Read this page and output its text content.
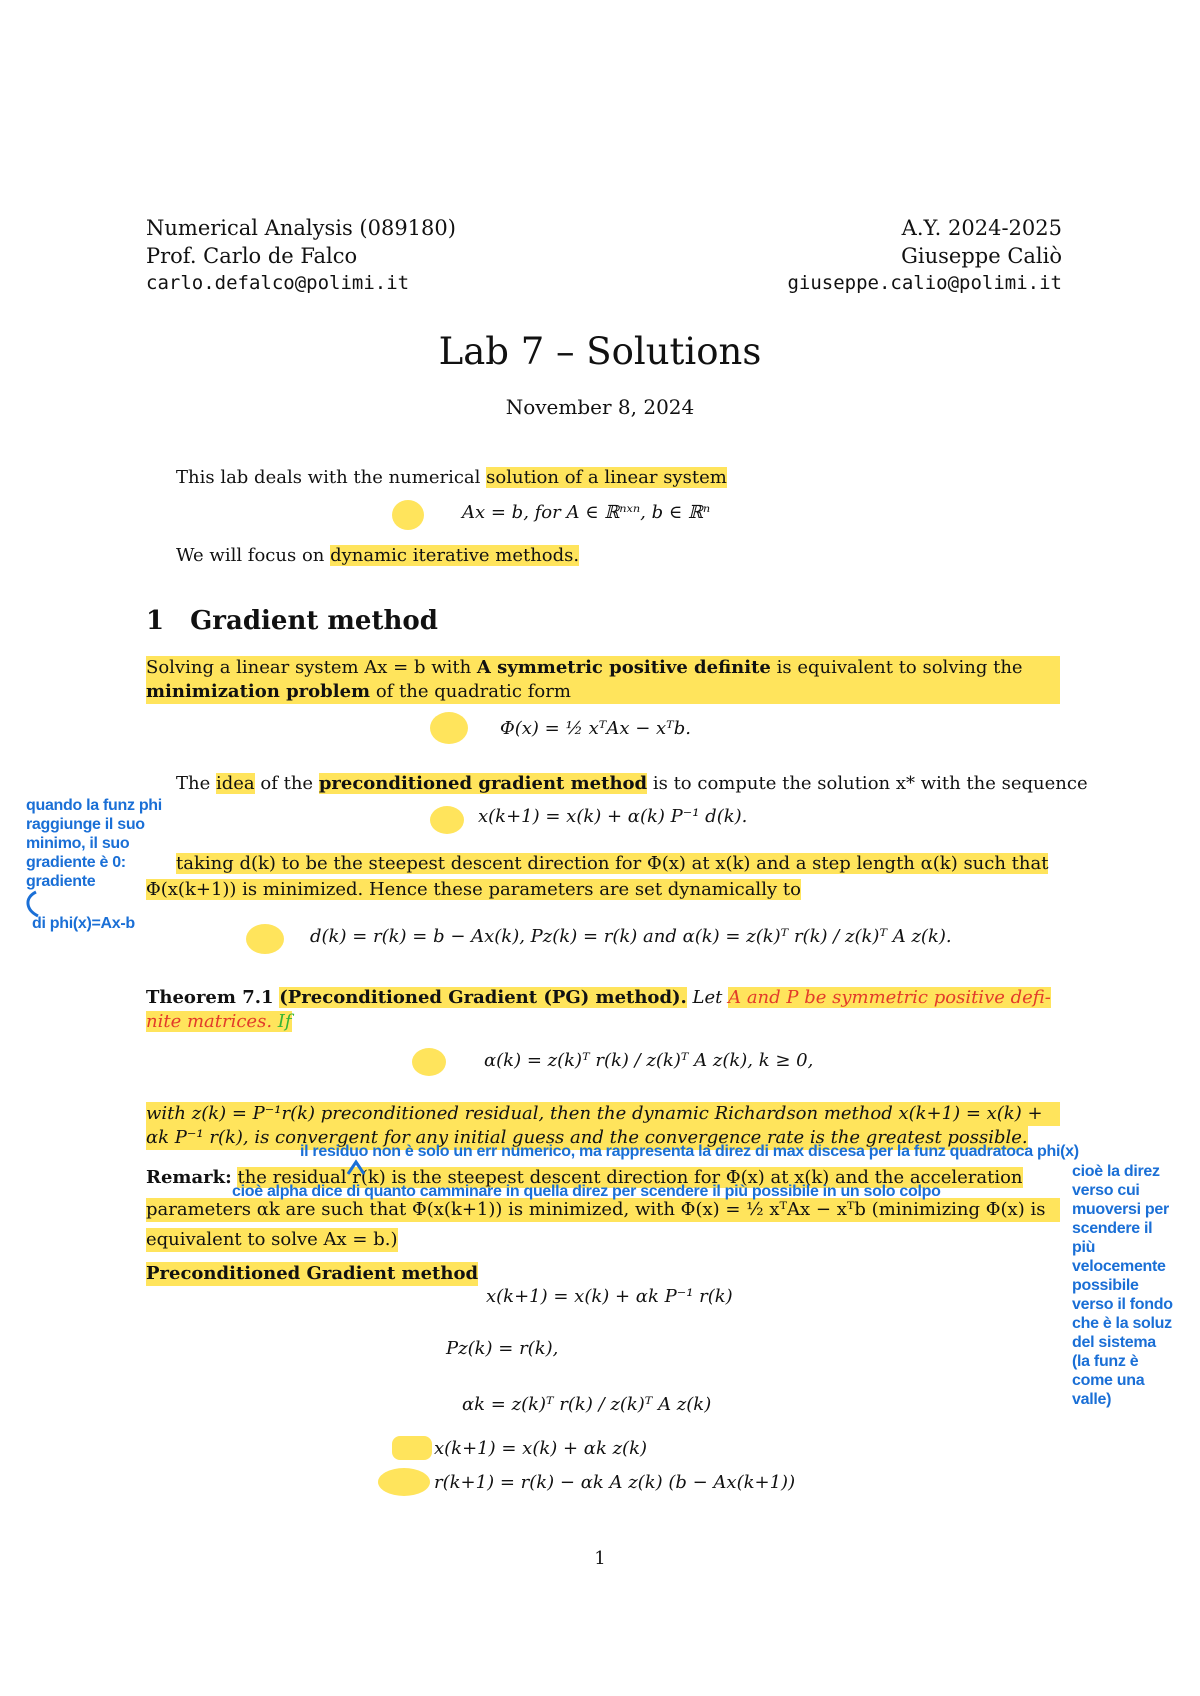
Numerical Analysis (089180)
Prof. Carlo de Falco
carlo.defalco@polimi.it
A.Y. 2024-2025
Giuseppe Caliò
giuseppe.calio@polimi.it
Lab 7 – Solutions
November 8, 2024
This lab deals with the numerical solution of a linear system
Ax = b, for A ∈ ℝⁿˣⁿ, b ∈ ℝⁿ
We will focus on dynamic iterative methods.
1 Gradient method
Solving a linear system Ax = b with A symmetric positive definite is equivalent to solving the
minimization problem of the quadratic form
Φ(x) = ½ xᵀAx − xᵀb.
The idea of the preconditioned gradient method is to compute the solution x* with the sequence
x(k+1) = x(k) + α(k) P⁻¹ d(k).
taking d(k) to be the steepest descent direction for Φ(x) at x(k) and a step length α(k) such that
Φ(x(k+1)) is minimized. Hence these parameters are set dynamically to
d(k) = r(k) = b − Ax(k), Pz(k) = r(k) and α(k) = z(k)ᵀ r(k) / z(k)ᵀ A z(k).
Theorem 7.1 (Preconditioned Gradient (PG) method). Let A and P be symmetric positive defi-
nite matrices. If
α(k) = z(k)ᵀ r(k) / z(k)ᵀ A z(k), k ≥ 0,
with z(k) = P⁻¹r(k) preconditioned residual, then the dynamic Richardson method x(k+1) = x(k) +
αk P⁻¹ r(k), is convergent for any initial guess and the convergence rate is the greatest possible.
Remark: the residual r(k) is the steepest descent direction for Φ(x) at x(k) and the acceleration
parameters αk are such that Φ(x(k+1)) is minimized, with Φ(x) = ½ xᵀAx − xᵀb (minimizing Φ(x) is
equivalent to solve Ax = b.)
Preconditioned Gradient method
x(k+1) = x(k) + αk P⁻¹ r(k)
Pz(k) = r(k),
αk = z(k)ᵀ r(k) / z(k)ᵀ A z(k)
x(k+1) = x(k) + αk z(k)
r(k+1) = r(k) − αk A z(k) (b − Ax(k+1))
1
quando la funz phi
raggiunge il suo
minimo, il suo
gradiente è 0:
gradiente
di phi(x)=Ax-b
il residuo non è solo un err numerico, ma rappresenta la direz di max discesa per la funz quadratoca phi(x)
cioè alpha dice di quanto camminare in quella direz per scendere il più possibile in un solo colpo
cioè la direz
verso cui
muoversi per
scendere il
più
velocemente
possibile
verso il fondo
che è la soluz
del sistema
(la funz è
come una
valle)
